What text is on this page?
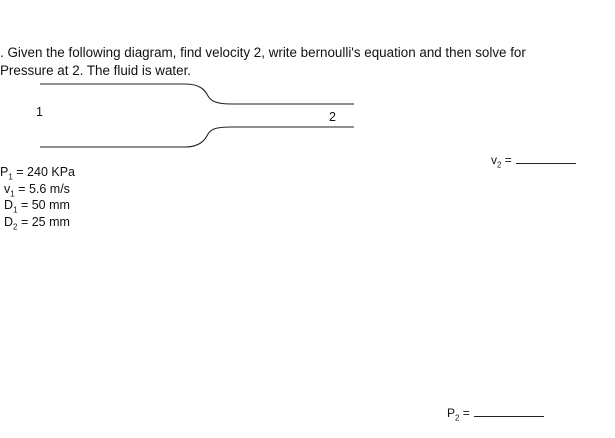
. Given the following diagram, find velocity 2, write bernoulli's equation and then solve for
Pressure at 2. The fluid is water.
1	2
$v_2$ =
$P_1 = 240$ KPa
$v_1 = 5.6$ m/s
$D_1 = 50$ mm
$D_2 = 25$ mm
$P_2$ =
